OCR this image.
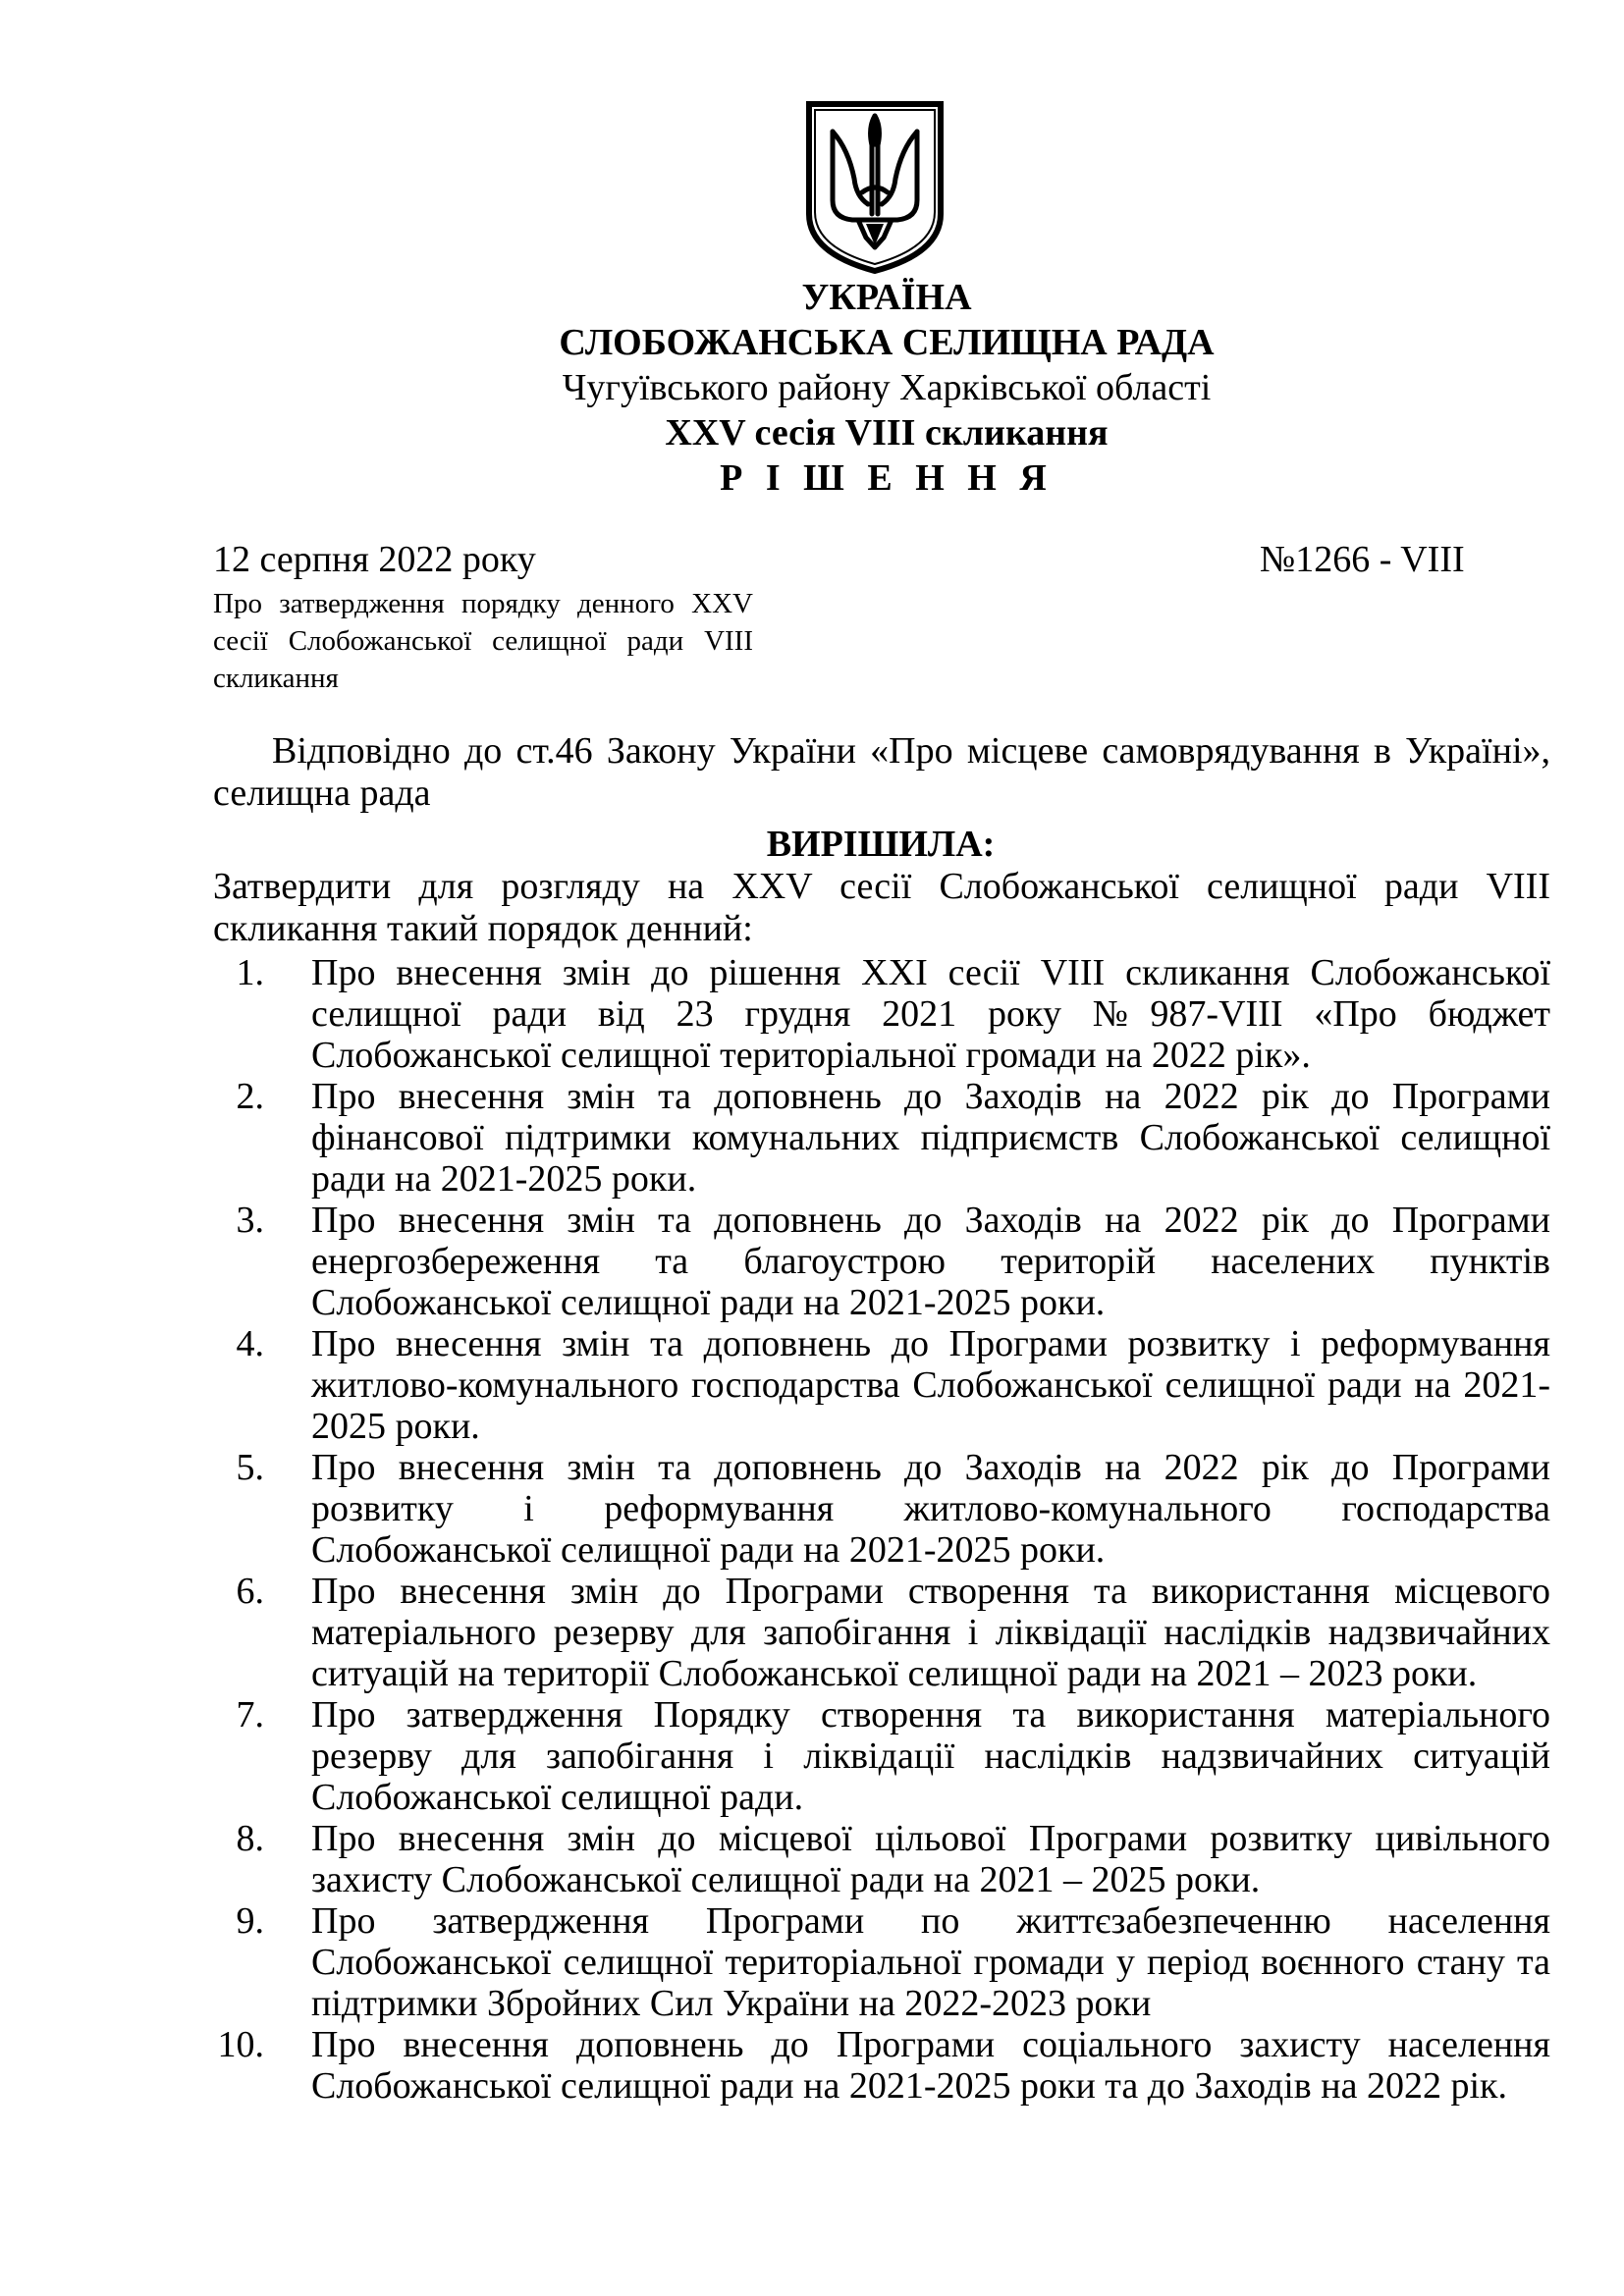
УКРАЇНА
СЛОБОЖАНСЬКА СЕЛИЩНА РАДА
Чугуївського району Харківської області
XXV сесія VIII скликання
Р І Ш Е Н Н Я
12 серпня 2022 року	№1266 - VIII
Про затвердження порядку денного XXV сесії Слобожанської селищної ради VIII скликання
Відповідно до ст.46 Закону України «Про місцеве самоврядування в Україні», селищна рада
ВИРІШИЛА:
Затвердити для розгляду на XXV сесії Слобожанської селищної ради VIII скликання такий порядок денний:
1. Про внесення змін до рішення XXI сесії VIII скликання Слобожанської селищної ради від 23 грудня 2021 року №987-VIII «Про бюджет Слобожанської селищної територіальної громади на 2022 рік».
2. Про внесення змін та доповнень до Заходів на 2022 рік до Програми фінансової підтримки комунальних підприємств Слобожанської селищної ради на 2021-2025 роки.
3. Про внесення змін та доповнень до Заходів на 2022 рік до Програми енергозбереження та благоустрою територій населених пунктів Слобожанської селищної ради на 2021-2025 роки.
4. Про внесення змін та доповнень до Програми розвитку і реформування житлово-комунального господарства Слобожанської селищної ради на 2021-2025 роки.
5. Про внесення змін та доповнень до Заходів на 2022 рік до Програми розвитку і реформування житлово-комунального господарства Слобожанської селищної ради на 2021-2025 роки.
6. Про внесення змін до Програми створення та використання місцевого матеріального резерву для запобігання і ліквідації наслідків надзвичайних ситуацій на території Слобожанської селищної ради на 2021 – 2023 роки.
7. Про затвердження Порядку створення та використання матеріального резерву для запобігання і ліквідації наслідків надзвичайних ситуацій Слобожанської селищної ради.
8. Про внесення змін до місцевої цільової Програми розвитку цивільного захисту Слобожанської селищної ради на 2021 – 2025 роки.
9. Про затвердження Програми по життєзабезпеченню населення Слобожанської селищної територіальної громади у період воєнного стану та підтримки Збройних Сил України на 2022-2023 роки
10. Про внесення доповнень до Програми соціального захисту населення Слобожанської селищної ради на 2021-2025 роки та до Заходів на 2022 рік.
